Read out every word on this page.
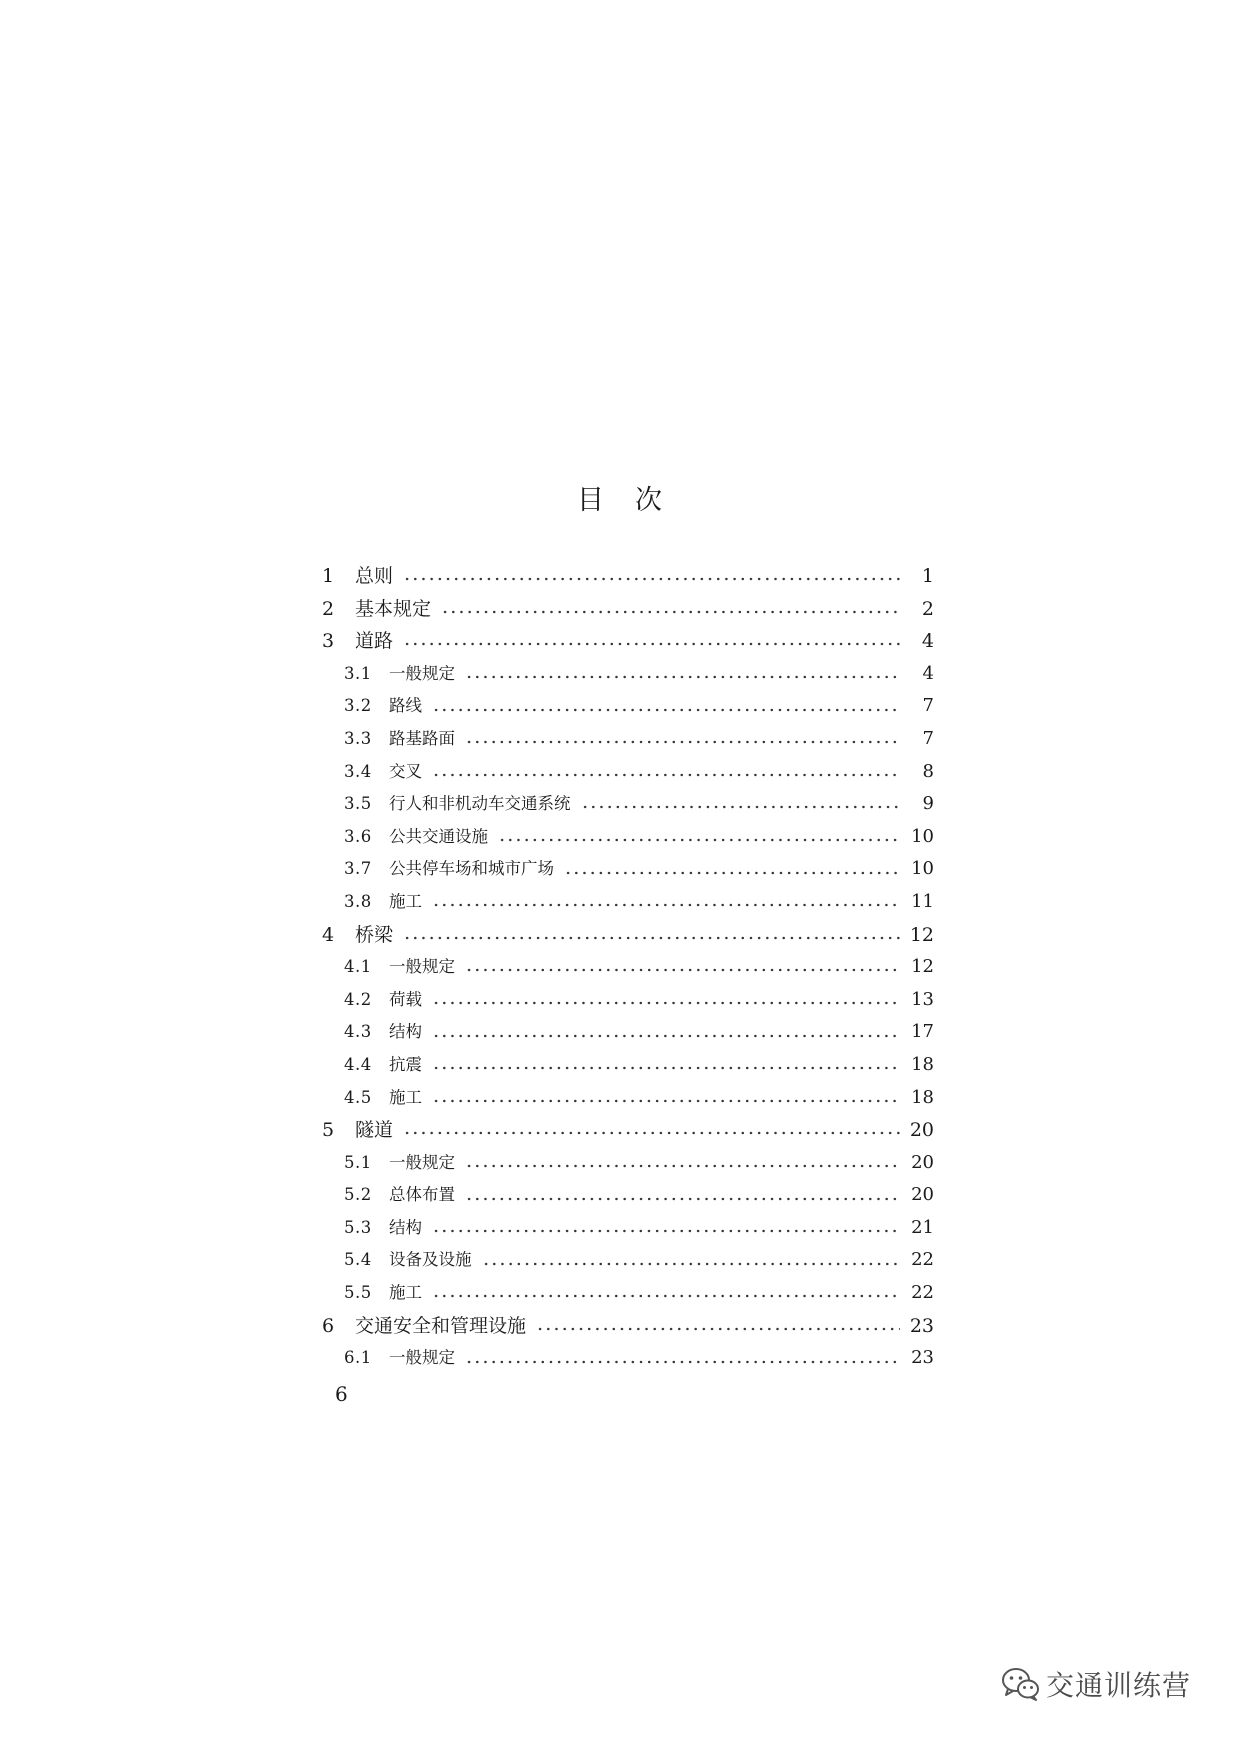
目　次
1	总则	1
2	基本规定	2
3	道路	4
3.1	一般规定	4
3.2	路线	7
3.3	路基路面	7
3.4	交叉	8
3.5	行人和非机动车交通系统	9
3.6	公共交通设施	10
3.7	公共停车场和城市广场	10
3.8	施工	11
4	桥梁	12
4.1	一般规定	12
4.2	荷载	13
4.3	结构	17
4.4	抗震	18
4.5	施工	18
5	隧道	20
5.1	一般规定	20
5.2	总体布置	20
5.3	结构	21
5.4	设备及设施	22
5.5	施工	22
6	交通安全和管理设施	23
6.1	一般规定	23
6
交通训练营
